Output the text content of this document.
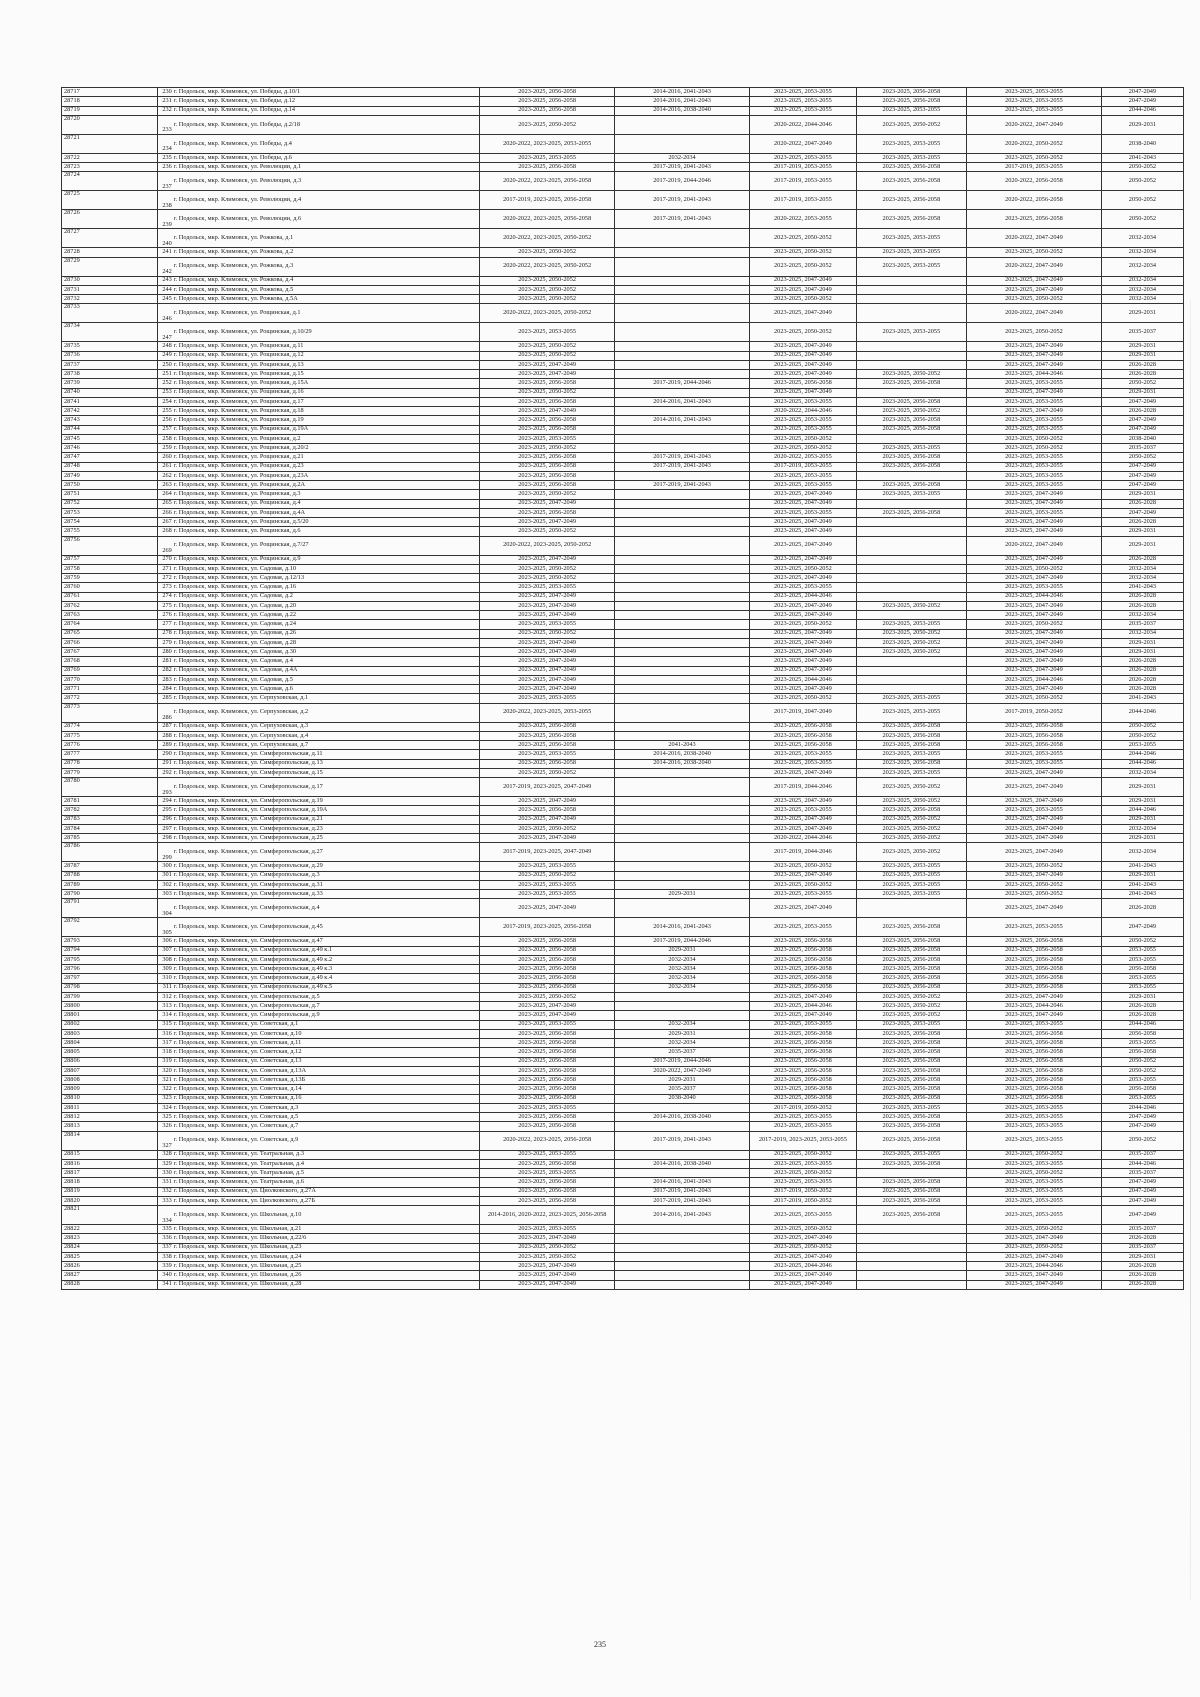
28717	230	г. Подольск, мкр. Климовск, ул. Победы, д.10/1	2023-2025, 2056-2058	2014-2016, 2041-2043	2023-2025, 2053-2055	2023-2025, 2056-2058	2023-2025, 2053-2055	2047-2049
28718	231	г. Подольск, мкр. Климовск, ул. Победы, д.12	2023-2025, 2056-2058	2014-2016, 2041-2043	2023-2025, 2053-2055	2023-2025, 2056-2058	2023-2025, 2053-2055	2047-2049
28719	232	г. Подольск, мкр. Климовск, ул. Победы, д.14	2023-2025, 2056-2058	2014-2016, 2038-2040	2023-2025, 2053-2055	2023-2025, 2053-2055	2023-2025, 2053-2055	2044-2046
28720	233	г. Подольск, мкр. Климовск, ул. Победы, д.2/18	2023-2025, 2050-2052		2020-2022, 2044-2046	2023-2025, 2050-2052	2020-2022, 2047-2049	2029-2031
28721	234	г. Подольск, мкр. Климовск, ул. Победы, д.4	2020-2022, 2023-2025, 2053-2055		2020-2022, 2047-2049	2023-2025, 2053-2055	2020-2022, 2050-2052	2038-2040
28722	235	г. Подольск, мкр. Климовск, ул. Победы, д.6	2023-2025, 2053-2055	2032-2034	2023-2025, 2053-2055	2023-2025, 2053-2055	2023-2025, 2050-2052	2041-2043
28723	236	г. Подольск, мкр. Климовск, ул. Революции, д.1	2023-2025, 2056-2058	2017-2019, 2041-2043	2017-2019, 2053-2055	2023-2025, 2056-2058	2017-2019, 2053-2055	2050-2052
28724	237	г. Подольск, мкр. Климовск, ул. Революции, д.3	2020-2022, 2023-2025, 2056-2058	2017-2019, 2044-2046	2017-2019, 2053-2055	2023-2025, 2056-2058	2020-2022, 2056-2058	2050-2052
28725	238	г. Подольск, мкр. Климовск, ул. Революции, д.4	2017-2019, 2023-2025, 2056-2058	2017-2019, 2041-2043	2017-2019, 2053-2055	2023-2025, 2056-2058	2020-2022, 2056-2058	2050-2052
28726	239	г. Подольск, мкр. Климовск, ул. Революции, д.6	2020-2022, 2023-2025, 2056-2058	2017-2019, 2041-2043	2020-2022, 2053-2055	2023-2025, 2056-2058	2023-2025, 2056-2058	2050-2052
28727	240	г. Подольск, мкр. Климовск, ул. Рожкова, д.1	2020-2022, 2023-2025, 2050-2052		2023-2025, 2050-2052	2023-2025, 2053-2055	2020-2022, 2047-2049	2032-2034
28728	241	г. Подольск, мкр. Климовск, ул. Рожкова, д.2	2023-2025, 2050-2052		2023-2025, 2050-2052	2023-2025, 2053-2055	2023-2025, 2050-2052	2032-2034
28729	242	г. Подольск, мкр. Климовск, ул. Рожкова, д.3	2020-2022, 2023-2025, 2050-2052		2023-2025, 2050-2052	2023-2025, 2053-2055	2020-2022, 2047-2049	2032-2034
28730	243	г. Подольск, мкр. Климовск, ул. Рожкова, д.4	2023-2025, 2050-2052		2023-2025, 2047-2049		2023-2025, 2047-2049	2032-2034
28731	244	г. Подольск, мкр. Климовск, ул. Рожкова, д.5	2023-2025, 2050-2052		2023-2025, 2047-2049		2023-2025, 2047-2049	2032-2034
28732	245	г. Подольск, мкр. Климовск, ул. Рожкова, д.5А	2023-2025, 2050-2052		2023-2025, 2050-2052		2023-2025, 2050-2052	2032-2034
28733	246	г. Подольск, мкр. Климовск, ул. Рощинская, д.1	2020-2022, 2023-2025, 2050-2052		2023-2025, 2047-2049		2020-2022, 2047-2049	2029-2031
28734	247	г. Подольск, мкр. Климовск, ул. Рощинская, д.10/29	2023-2025, 2053-2055		2023-2025, 2050-2052	2023-2025, 2053-2055	2023-2025, 2050-2052	2035-2037
28735	248	г. Подольск, мкр. Климовск, ул. Рощинская, д.11	2023-2025, 2050-2052		2023-2025, 2047-2049		2023-2025, 2047-2049	2029-2031
28736	249	г. Подольск, мкр. Климовск, ул. Рощинская, д.12	2023-2025, 2050-2052		2023-2025, 2047-2049		2023-2025, 2047-2049	2029-2031
28737	250	г. Подольск, мкр. Климовск, ул. Рощинская, д.13	2023-2025, 2047-2049		2023-2025, 2047-2049		2023-2025, 2047-2049	2026-2028
28738	251	г. Подольск, мкр. Климовск, ул. Рощинская, д.15	2023-2025, 2047-2049		2023-2025, 2047-2049	2023-2025, 2050-2052	2023-2025, 2044-2046	2026-2028
28739	252	г. Подольск, мкр. Климовск, ул. Рощинская, д.15А	2023-2025, 2056-2058	2017-2019, 2044-2046	2023-2025, 2056-2058	2023-2025, 2056-2058	2023-2025, 2053-2055	2050-2052
28740	253	г. Подольск, мкр. Климовск, ул. Рощинская, д.16	2023-2025, 2050-2052		2023-2025, 2047-2049		2023-2025, 2047-2049	2029-2031
28741	254	г. Подольск, мкр. Климовск, ул. Рощинская, д.17	2023-2025, 2056-2058	2014-2016, 2041-2043	2023-2025, 2053-2055	2023-2025, 2056-2058	2023-2025, 2053-2055	2047-2049
28742	255	г. Подольск, мкр. Климовск, ул. Рощинская, д.18	2023-2025, 2047-2049		2020-2022, 2044-2046	2023-2025, 2050-2052	2023-2025, 2047-2049	2026-2028
28743	256	г. Подольск, мкр. Климовск, ул. Рощинская, д.19	2023-2025, 2056-2058	2014-2016, 2041-2043	2023-2025, 2053-2055	2023-2025, 2056-2058	2023-2025, 2053-2055	2047-2049
28744	257	г. Подольск, мкр. Климовск, ул. Рощинская, д.19А	2023-2025, 2056-2058		2023-2025, 2053-2055	2023-2025, 2056-2058	2023-2025, 2053-2055	2047-2049
28745	258	г. Подольск, мкр. Климовск, ул. Рощинская, д.2	2023-2025, 2053-2055		2023-2025, 2050-2052		2023-2025, 2050-2052	2038-2040
28746	259	г. Подольск, мкр. Климовск, ул. Рощинская, д.20/2	2023-2025, 2050-2052		2023-2025, 2050-2052	2023-2025, 2053-2055	2023-2025, 2050-2052	2035-2037
28747	260	г. Подольск, мкр. Климовск, ул. Рощинская, д.21	2023-2025, 2056-2058	2017-2019, 2041-2043	2020-2022, 2053-2055	2023-2025, 2056-2058	2023-2025, 2053-2055	2050-2052
28748	261	г. Подольск, мкр. Климовск, ул. Рощинская, д.23	2023-2025, 2056-2058	2017-2019, 2041-2043	2017-2019, 2053-2055	2023-2025, 2056-2058	2023-2025, 2053-2055	2047-2049
28749	262	г. Подольск, мкр. Климовск, ул. Рощинская, д.23А	2023-2025, 2056-2058		2023-2025, 2053-2055		2023-2025, 2053-2055	2047-2049
28750	263	г. Подольск, мкр. Климовск, ул. Рощинская, д.2А	2023-2025, 2056-2058	2017-2019, 2041-2043	2023-2025, 2053-2055	2023-2025, 2056-2058	2023-2025, 2053-2055	2047-2049
28751	264	г. Подольск, мкр. Климовск, ул. Рощинская, д.3	2023-2025, 2050-2052		2023-2025, 2047-2049	2023-2025, 2053-2055	2023-2025, 2047-2049	2029-2031
28752	265	г. Подольск, мкр. Климовск, ул. Рощинская, д.4	2023-2025, 2047-2049		2023-2025, 2047-2049		2023-2025, 2047-2049	2026-2028
28753	266	г. Подольск, мкр. Климовск, ул. Рощинская, д.4А	2023-2025, 2056-2058		2023-2025, 2053-2055	2023-2025, 2056-2058	2023-2025, 2053-2055	2047-2049
28754	267	г. Подольск, мкр. Климовск, ул. Рощинская, д.5/20	2023-2025, 2047-2049		2023-2025, 2047-2049		2023-2025, 2047-2049	2026-2028
28755	268	г. Подольск, мкр. Климовск, ул. Рощинская, д.6	2023-2025, 2050-2052		2023-2025, 2047-2049		2023-2025, 2047-2049	2029-2031
28756	269	г. Подольск, мкр. Климовск, ул. Рощинская, д.7/27	2020-2022, 2023-2025, 2050-2052		2023-2025, 2047-2049		2020-2022, 2047-2049	2029-2031
28757	270	г. Подольск, мкр. Климовск, ул. Рощинская, д.9	2023-2025, 2047-2049		2023-2025, 2047-2049		2023-2025, 2047-2049	2026-2028
28758	271	г. Подольск, мкр. Климовск, ул. Садовая, д.10	2023-2025, 2050-2052		2023-2025, 2050-2052		2023-2025, 2050-2052	2032-2034
28759	272	г. Подольск, мкр. Климовск, ул. Садовая, д.12/13	2023-2025, 2050-2052		2023-2025, 2047-2049		2023-2025, 2047-2049	2032-2034
28760	273	г. Подольск, мкр. Климовск, ул. Садовая, д.16	2023-2025, 2053-2055		2023-2025, 2053-2055		2023-2025, 2053-2055	2041-2043
28761	274	г. Подольск, мкр. Климовск, ул. Садовая, д.2	2023-2025, 2047-2049		2023-2025, 2044-2046		2023-2025, 2044-2046	2026-2028
28762	275	г. Подольск, мкр. Климовск, ул. Садовая, д.20	2023-2025, 2047-2049		2023-2025, 2047-2049	2023-2025, 2050-2052	2023-2025, 2047-2049	2026-2028
28763	276	г. Подольск, мкр. Климовск, ул. Садовая, д.22	2023-2025, 2047-2049		2023-2025, 2047-2049		2023-2025, 2047-2049	2032-2034
28764	277	г. Подольск, мкр. Климовск, ул. Садовая, д.24	2023-2025, 2053-2055		2023-2025, 2050-2052	2023-2025, 2053-2055	2023-2025, 2050-2052	2035-2037
28765	278	г. Подольск, мкр. Климовск, ул. Садовая, д.26	2023-2025, 2050-2052		2023-2025, 2047-2049	2023-2025, 2050-2052	2023-2025, 2047-2049	2032-2034
28766	279	г. Подольск, мкр. Климовск, ул. Садовая, д.28	2023-2025, 2047-2049		2023-2025, 2047-2049	2023-2025, 2050-2052	2023-2025, 2047-2049	2029-2031
28767	280	г. Подольск, мкр. Климовск, ул. Садовая, д.30	2023-2025, 2047-2049		2023-2025, 2047-2049	2023-2025, 2050-2052	2023-2025, 2047-2049	2029-2031
28768	281	г. Подольск, мкр. Климовск, ул. Садовая, д.4	2023-2025, 2047-2049		2023-2025, 2047-2049		2023-2025, 2047-2049	2026-2028
28769	282	г. Подольск, мкр. Климовск, ул. Садовая, д.4А	2023-2025, 2047-2049		2023-2025, 2047-2049		2023-2025, 2047-2049	2026-2028
28770	283	г. Подольск, мкр. Климовск, ул. Садовая, д.5	2023-2025, 2047-2049		2023-2025, 2044-2046		2023-2025, 2044-2046	2026-2028
28771	284	г. Подольск, мкр. Климовск, ул. Садовая, д.6	2023-2025, 2047-2049		2023-2025, 2047-2049		2023-2025, 2047-2049	2026-2028
28772	285	г. Подольск, мкр. Климовск, ул. Серпуховская, д.1	2023-2025, 2053-2055		2023-2025, 2050-2052	2023-2025, 2053-2055	2023-2025, 2050-2052	2041-2043
28773	286	г. Подольск, мкр. Климовск, ул. Серпуховская, д.2	2020-2022, 2023-2025, 2053-2055		2017-2019, 2047-2049	2023-2025, 2053-2055	2017-2019, 2050-2052	2044-2046
28774	287	г. Подольск, мкр. Климовск, ул. Серпуховская, д.3	2023-2025, 2056-2058		2023-2025, 2056-2058	2023-2025, 2056-2058	2023-2025, 2056-2058	2050-2052
28775	288	г. Подольск, мкр. Климовск, ул. Серпуховская, д.4	2023-2025, 2056-2058		2023-2025, 2056-2058	2023-2025, 2056-2058	2023-2025, 2056-2058	2050-2052
28776	289	г. Подольск, мкр. Климовск, ул. Серпуховская, д.7	2023-2025, 2056-2058	2041-2043	2023-2025, 2056-2058	2023-2025, 2056-2058	2023-2025, 2056-2058	2053-2055
28777	290	г. Подольск, мкр. Климовск, ул. Симферопольская, д.11	2023-2025, 2053-2055	2014-2016, 2038-2040	2023-2025, 2053-2055	2023-2025, 2053-2055	2023-2025, 2053-2055	2044-2046
28778	291	г. Подольск, мкр. Климовск, ул. Симферопольская, д.13	2023-2025, 2056-2058	2014-2016, 2038-2040	2023-2025, 2053-2055	2023-2025, 2056-2058	2023-2025, 2053-2055	2044-2046
28779	292	г. Подольск, мкр. Климовск, ул. Симферопольская, д.15	2023-2025, 2050-2052		2023-2025, 2047-2049	2023-2025, 2053-2055	2023-2025, 2047-2049	2032-2034
28780	293	г. Подольск, мкр. Климовск, ул. Симферопольская, д.17	2017-2019, 2023-2025, 2047-2049		2017-2019, 2044-2046	2023-2025, 2050-2052	2023-2025, 2047-2049	2029-2031
28781	294	г. Подольск, мкр. Климовск, ул. Симферопольская, д.19	2023-2025, 2047-2049		2023-2025, 2047-2049	2023-2025, 2050-2052	2023-2025, 2047-2049	2029-2031
28782	295	г. Подольск, мкр. Климовск, ул. Симферопольская, д.19А	2023-2025, 2056-2058		2023-2025, 2053-2055	2023-2025, 2056-2058	2023-2025, 2053-2055	2044-2046
28783	296	г. Подольск, мкр. Климовск, ул. Симферопольская, д.21	2023-2025, 2047-2049		2023-2025, 2047-2049	2023-2025, 2050-2052	2023-2025, 2047-2049	2029-2031
28784	297	г. Подольск, мкр. Климовск, ул. Симферопольская, д.23	2023-2025, 2050-2052		2023-2025, 2047-2049	2023-2025, 2050-2052	2023-2025, 2047-2049	2032-2034
28785	298	г. Подольск, мкр. Климовск, ул. Симферопольская, д.25	2023-2025, 2047-2049		2020-2022, 2044-2046	2023-2025, 2050-2052	2023-2025, 2047-2049	2029-2031
28786	299	г. Подольск, мкр. Климовск, ул. Симферопольская, д.27	2017-2019, 2023-2025, 2047-2049		2017-2019, 2044-2046	2023-2025, 2050-2052	2023-2025, 2047-2049	2032-2034
28787	300	г. Подольск, мкр. Климовск, ул. Симферопольская, д.29	2023-2025, 2053-2055		2023-2025, 2050-2052	2023-2025, 2053-2055	2023-2025, 2050-2052	2041-2043
28788	301	г. Подольск, мкр. Климовск, ул. Симферопольская, д.3	2023-2025, 2050-2052		2023-2025, 2047-2049	2023-2025, 2053-2055	2023-2025, 2047-2049	2029-2031
28789	302	г. Подольск, мкр. Климовск, ул. Симферопольская, д.31	2023-2025, 2053-2055		2023-2025, 2050-2052	2023-2025, 2053-2055	2023-2025, 2050-2052	2041-2043
28790	303	г. Подольск, мкр. Климовск, ул. Симферопольская, д.33	2023-2025, 2053-2055	2029-2031	2023-2025, 2053-2055	2023-2025, 2053-2055	2023-2025, 2050-2052	2041-2043
28791	304	г. Подольск, мкр. Климовск, ул. Симферопольская, д.4	2023-2025, 2047-2049		2023-2025, 2047-2049		2023-2025, 2047-2049	2026-2028
28792	305	г. Подольск, мкр. Климовск, ул. Симферопольская, д.45	2017-2019, 2023-2025, 2056-2058	2014-2016, 2041-2043	2023-2025, 2053-2055	2023-2025, 2056-2058	2023-2025, 2053-2055	2047-2049
28793	306	г. Подольск, мкр. Климовск, ул. Симферопольская, д.47	2023-2025, 2056-2058	2017-2019, 2044-2046	2023-2025, 2056-2058	2023-2025, 2056-2058	2023-2025, 2056-2058	2050-2052
28794	307	г. Подольск, мкр. Климовск, ул. Симферопольская, д.49 к.1	2023-2025, 2056-2058	2029-2031	2023-2025, 2056-2058	2023-2025, 2056-2058	2023-2025, 2056-2058	2053-2055
28795	308	г. Подольск, мкр. Климовск, ул. Симферопольская, д.49 к.2	2023-2025, 2056-2058	2032-2034	2023-2025, 2056-2058	2023-2025, 2056-2058	2023-2025, 2056-2058	2053-2055
28796	309	г. Подольск, мкр. Климовск, ул. Симферопольская, д.49 к.3	2023-2025, 2056-2058	2032-2034	2023-2025, 2056-2058	2023-2025, 2056-2058	2023-2025, 2056-2058	2056-2058
28797	310	г. Подольск, мкр. Климовск, ул. Симферопольская, д.49 к.4	2023-2025, 2056-2058	2032-2034	2023-2025, 2056-2058	2023-2025, 2056-2058	2023-2025, 2056-2058	2053-2055
28798	311	г. Подольск, мкр. Климовск, ул. Симферопольская, д.49 к.5	2023-2025, 2056-2058	2032-2034	2023-2025, 2056-2058	2023-2025, 2056-2058	2023-2025, 2056-2058	2053-2055
28799	312	г. Подольск, мкр. Климовск, ул. Симферопольская, д.5	2023-2025, 2050-2052		2023-2025, 2047-2049	2023-2025, 2050-2052	2023-2025, 2047-2049	2029-2031
28800	313	г. Подольск, мкр. Климовск, ул. Симферопольская, д.7	2023-2025, 2047-2049		2023-2025, 2044-2046	2023-2025, 2050-2052	2023-2025, 2044-2046	2026-2028
28801	314	г. Подольск, мкр. Климовск, ул. Симферопольская, д.9	2023-2025, 2047-2049		2023-2025, 2047-2049	2023-2025, 2050-2052	2023-2025, 2047-2049	2026-2028
28802	315	г. Подольск, мкр. Климовск, ул. Советская, д.1	2023-2025, 2053-2055	2032-2034	2023-2025, 2053-2055	2023-2025, 2053-2055	2023-2025, 2053-2055	2044-2046
28803	316	г. Подольск, мкр. Климовск, ул. Советская, д.10	2023-2025, 2056-2058	2029-2031	2023-2025, 2056-2058	2023-2025, 2056-2058	2023-2025, 2056-2058	2056-2058
28804	317	г. Подольск, мкр. Климовск, ул. Советская, д.11	2023-2025, 2056-2058	2032-2034	2023-2025, 2056-2058	2023-2025, 2056-2058	2023-2025, 2056-2058	2053-2055
28805	318	г. Подольск, мкр. Климовск, ул. Советская, д.12	2023-2025, 2056-2058	2035-2037	2023-2025, 2056-2058	2023-2025, 2056-2058	2023-2025, 2056-2058	2056-2058
28806	319	г. Подольск, мкр. Климовск, ул. Советская, д.13	2023-2025, 2056-2058	2017-2019, 2044-2046	2023-2025, 2056-2058	2023-2025, 2056-2058	2023-2025, 2056-2058	2050-2052
28807	320	г. Подольск, мкр. Климовск, ул. Советская, д.13А	2023-2025, 2056-2058	2020-2022, 2047-2049	2023-2025, 2056-2058	2023-2025, 2056-2058	2023-2025, 2056-2058	2050-2052
28808	321	г. Подольск, мкр. Климовск, ул. Советская, д.13Б	2023-2025, 2056-2058	2029-2031	2023-2025, 2056-2058	2023-2025, 2056-2058	2023-2025, 2056-2058	2053-2055
28809	322	г. Подольск, мкр. Климовск, ул. Советская, д.14	2023-2025, 2056-2058	2035-2037	2023-2025, 2056-2058	2023-2025, 2056-2058	2023-2025, 2056-2058	2056-2058
28810	323	г. Подольск, мкр. Климовск, ул. Советская, д.16	2023-2025, 2056-2058	2038-2040	2023-2025, 2056-2058	2023-2025, 2056-2058	2023-2025, 2056-2058	2053-2055
28811	324	г. Подольск, мкр. Климовск, ул. Советская, д.3	2023-2025, 2053-2055		2017-2019, 2050-2052	2023-2025, 2053-2055	2023-2025, 2053-2055	2044-2046
28812	325	г. Подольск, мкр. Климовск, ул. Советская, д.5	2023-2025, 2056-2058	2014-2016, 2038-2040	2023-2025, 2053-2055	2023-2025, 2056-2058	2023-2025, 2053-2055	2047-2049
28813	326	г. Подольск, мкр. Климовск, ул. Советская, д.7	2023-2025, 2056-2058		2023-2025, 2053-2055	2023-2025, 2056-2058	2023-2025, 2053-2055	2047-2049
28814	327	г. Подольск, мкр. Климовск, ул. Советская, д.9	2020-2022, 2023-2025, 2056-2058	2017-2019, 2041-2043	2017-2019, 2023-2025, 2053-2055	2023-2025, 2056-2058	2023-2025, 2053-2055	2050-2052
28815	328	г. Подольск, мкр. Климовск, ул. Театральная, д.3	2023-2025, 2053-2055		2023-2025, 2050-2052	2023-2025, 2053-2055	2023-2025, 2050-2052	2035-2037
28816	329	г. Подольск, мкр. Климовск, ул. Театральная, д.4	2023-2025, 2056-2058	2014-2016, 2038-2040	2023-2025, 2053-2055	2023-2025, 2056-2058	2023-2025, 2053-2055	2044-2046
28817	330	г. Подольск, мкр. Климовск, ул. Театральная, д.5	2023-2025, 2053-2055		2023-2025, 2050-2052		2023-2025, 2050-2052	2035-2037
28818	331	г. Подольск, мкр. Климовск, ул. Театральная, д.6	2023-2025, 2056-2058	2014-2016, 2041-2043	2023-2025, 2053-2055	2023-2025, 2056-2058	2023-2025, 2053-2055	2047-2049
28819	332	г. Подольск, мкр. Климовск, ул. Циолковского, д.27А	2023-2025, 2056-2058	2017-2019, 2041-2043	2017-2019, 2050-2052	2023-2025, 2056-2058	2023-2025, 2053-2055	2047-2049
28820	333	г. Подольск, мкр. Климовск, ул. Циолковского, д.27Б	2023-2025, 2056-2058	2017-2019, 2041-2043	2017-2019, 2050-2052	2023-2025, 2056-2058	2023-2025, 2053-2055	2047-2049
28821	334	г. Подольск, мкр. Климовск, ул. Школьная, д.10	2014-2016, 2020-2022, 2023-2025, 2056-2058	2014-2016, 2041-2043	2023-2025, 2053-2055	2023-2025, 2056-2058	2023-2025, 2053-2055	2047-2049
28822	335	г. Подольск, мкр. Климовск, ул. Школьная, д.21	2023-2025, 2053-2055		2023-2025, 2050-2052		2023-2025, 2050-2052	2035-2037
28823	336	г. Подольск, мкр. Климовск, ул. Школьная, д.22/6	2023-2025, 2047-2049		2023-2025, 2047-2049		2023-2025, 2047-2049	2026-2028
28824	337	г. Подольск, мкр. Климовск, ул. Школьная, д.23	2023-2025, 2050-2052		2023-2025, 2050-2052		2023-2025, 2050-2052	2035-2037
28825	338	г. Подольск, мкр. Климовск, ул. Школьная, д.24	2023-2025, 2050-2052		2023-2025, 2047-2049		2023-2025, 2047-2049	2029-2031
28826	339	г. Подольск, мкр. Климовск, ул. Школьная, д.25	2023-2025, 2047-2049		2023-2025, 2044-2046		2023-2025, 2044-2046	2026-2028
28827	340	г. Подольск, мкр. Климовск, ул. Школьная, д.26	2023-2025, 2047-2049		2023-2025, 2047-2049		2023-2025, 2047-2049	2026-2028
28828	341	г. Подольск, мкр. Климовск, ул. Школьная, д.28	2023-2025, 2047-2049		2023-2025, 2047-2049		2023-2025, 2047-2049	2026-2028
235
